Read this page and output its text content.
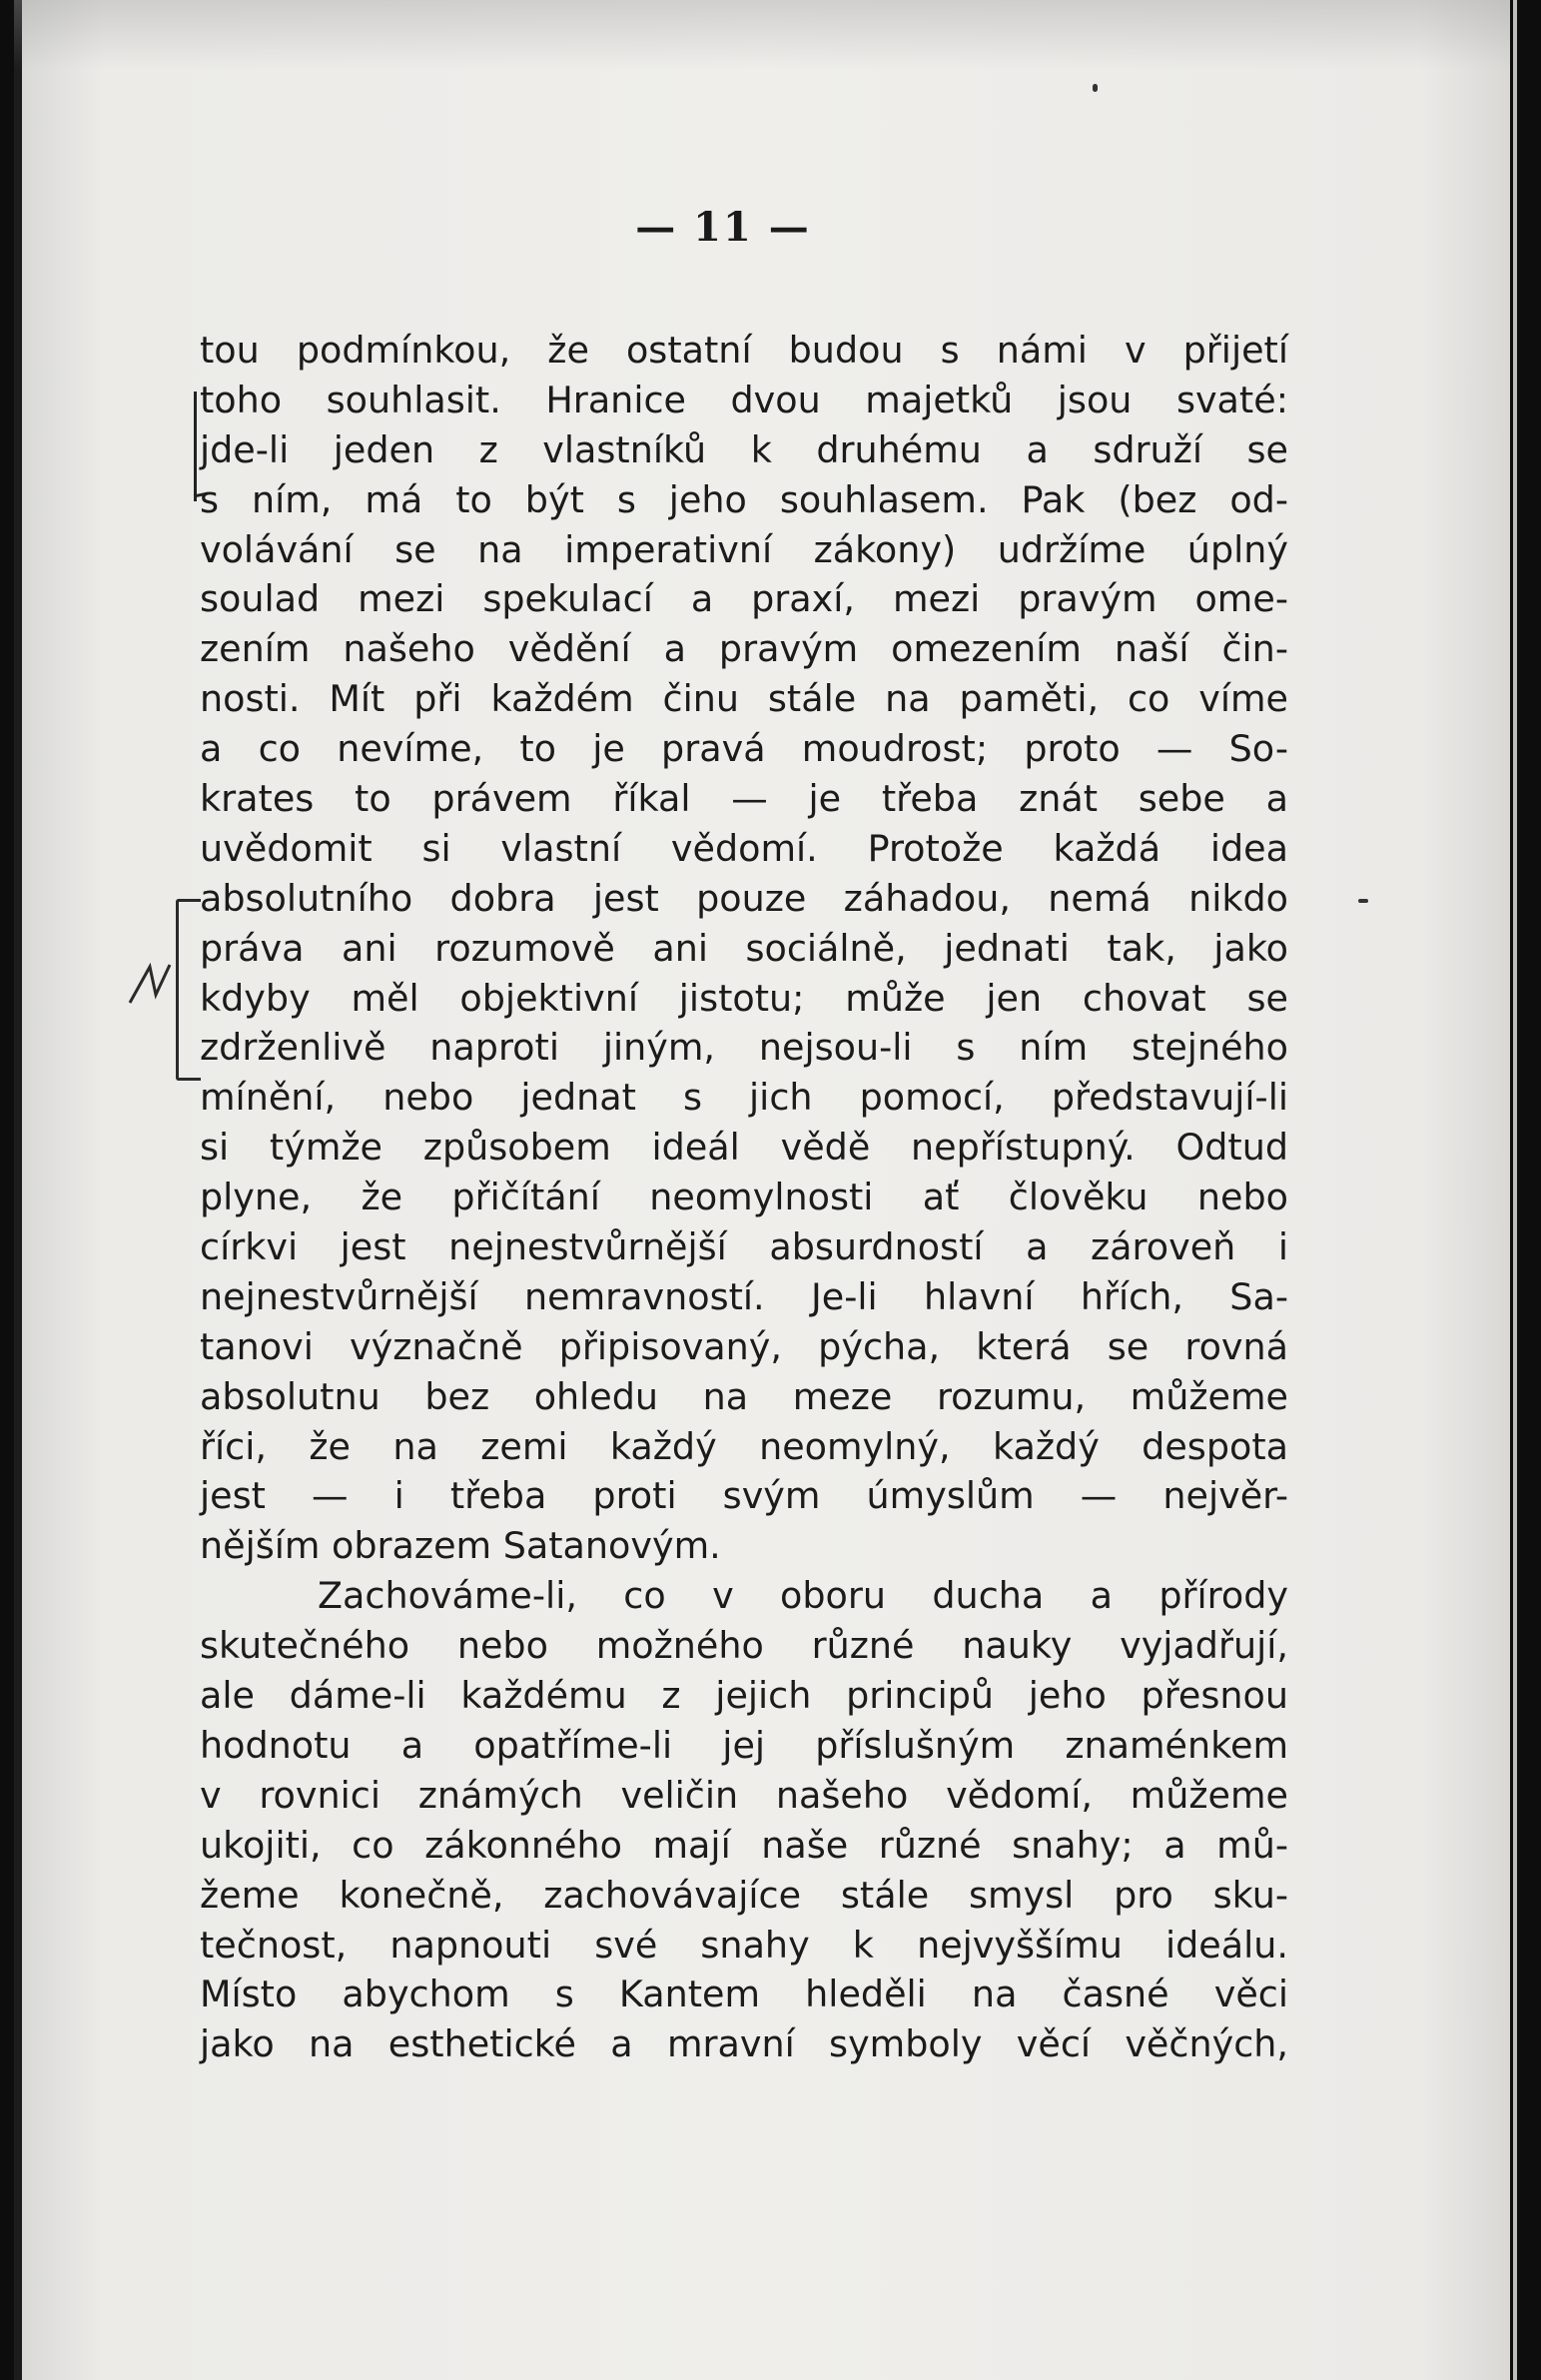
— 11 —
tou podmínkou, že ostatní budou s námi v přijetí
toho souhlasit. Hranice dvou majetků jsou svaté:
jde-li jeden z vlastníků k druhému a sdruží se
s ním, má to být s jeho souhlasem. Pak (bez od-
volávání se na imperativní zákony) udržíme úplný
soulad mezi spekulací a praxí, mezi pravým ome-
zením našeho vědění a pravým omezením naší čin-
nosti. Mít při každém činu stále na paměti, co víme
a co nevíme, to je pravá moudrost; proto — So-
krates to právem říkal — je třeba znát sebe a
uvědomit si vlastní vědomí. Protože každá idea
absolutního dobra jest pouze záhadou, nemá nikdo
práva ani rozumově ani sociálně, jednati tak, jako
kdyby měl objektivní jistotu; může jen chovat se
zdrženlivě naproti jiným, nejsou-li s ním stejného
mínění, nebo jednat s jich pomocí, představují-li
si týmže způsobem ideál vědě nepřístupný. Odtud
plyne, že přičítání neomylnosti ať člověku nebo
církvi jest nejnestvůrnější absurdností a zároveň i
nejnestvůrnější nemravností. Je-li hlavní hřích, Sa-
tanovi význačně připisovaný, pýcha, která se rovná
absolutnu bez ohledu na meze rozumu, můžeme
říci, že na zemi každý neomylný, každý despota
jest — i třeba proti svým úmyslům — nejvěr-
nějším obrazem Satanovým.
Zachováme-li, co v oboru ducha a přírody
skutečného nebo možného různé nauky vyjadřují,
ale dáme-li každému z jejich principů jeho přesnou
hodnotu a opatříme-li jej příslušným znaménkem
v rovnici známých veličin našeho vědomí, můžeme
ukojiti, co zákonného mají naše různé snahy; a mů-
žeme konečně, zachovávajíce stále smysl pro sku-
tečnost, napnouti své snahy k nejvyššímu ideálu.
Místo abychom s Kantem hleděli na časné věci
jako na esthetické a mravní symboly věcí věčných,
